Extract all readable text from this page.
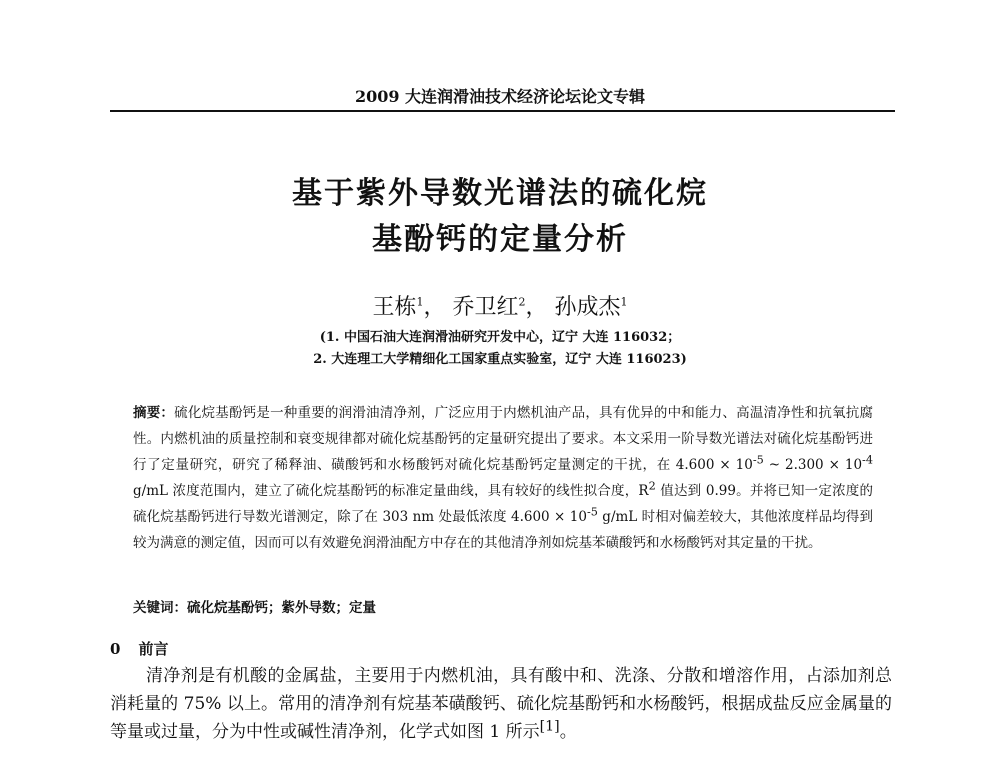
2009 大连润滑油技术经济论坛论文专辑
基于紫外导数光谱法的硫化烷
基酚钙的定量分析
王栋$^1$， 乔卫红$^2$， 孙成杰$^1$
(1. 中国石油大连润滑油研究开发中心，辽宁 大连 116032；
2. 大连理工大学精细化工国家重点实验室，辽宁 大连 116023)
摘要：硫化烷基酚钙是一种重要的润滑油清净剂，广泛应用于内燃机油产品，具有优异的中和能力、高温清净性和抗氧抗腐性。内燃机油的质量控制和衰变规律都对硫化烷基酚钙的定量研究提出了要求。本文采用一阶导数光谱法对硫化烷基酚钙进行了定量研究，研究了稀释油、磺酸钙和水杨酸钙对硫化烷基酚钙定量测定的干扰，在 $4.600 \times 10^{-5}$ ~ $2.300 \times 10^{-4}$ g/mL 浓度范围内，建立了硫化烷基酚钙的标准定量曲线，具有较好的线性拟合度，$R^2$ 值达到 0.99。并将已知一定浓度的硫化烷基酚钙进行导数光谱测定，除了在 303 nm 处最低浓度 $4.600 \times 10^{-5}$ g/mL 时相对偏差较大，其他浓度样品均得到较为满意的测定值，因而可以有效避免润滑油配方中存在的其他清净剂如烷基苯磺酸钙和水杨酸钙对其定量的干扰。
关键词：硫化烷基酚钙；紫外导数；定量
0 前言
清净剂是有机酸的金属盐，主要用于内燃机油，具有酸中和、洗涤、分散和增溶作用，占添加剂总消耗量的 75% 以上。常用的清净剂有烷基苯磺酸钙、硫化烷基酚钙和水杨酸钙，根据成盐反应金属量的等量或过量，分为中性或碱性清净剂，化学式如图 1 所示[1]。
